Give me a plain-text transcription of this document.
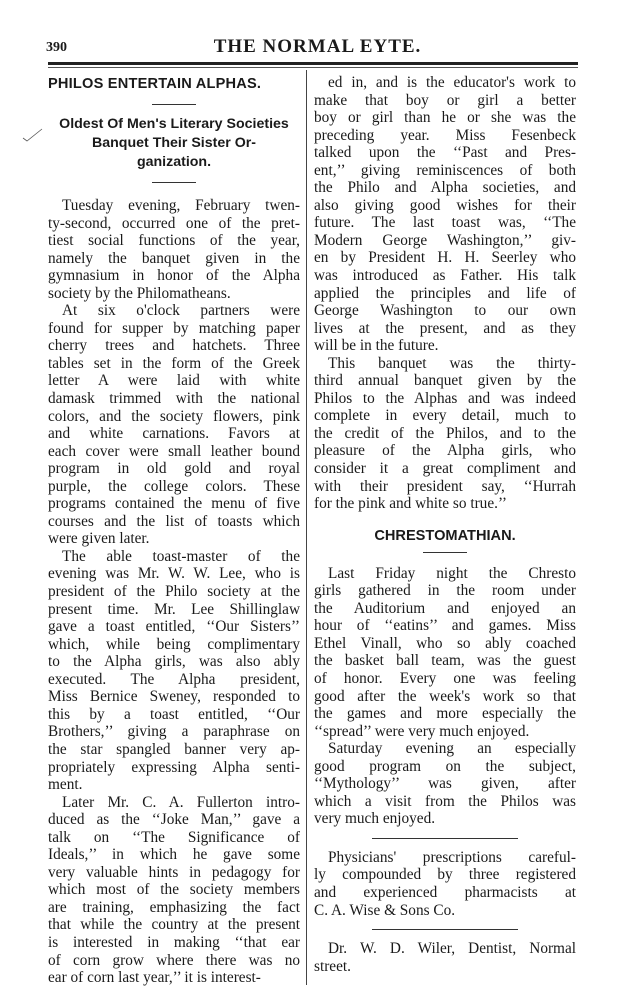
390	THE NORMAL EYTE.
PHILOS ENTERTAIN ALPHAS.
Oldest Of Men's Literary Societies
Banquet Their Sister Or-
ganization.
Tuesday evening, February twen-
ty-second, occurred one of the pret-
tiest social functions of the year,
namely the banquet given in the
gymnasium in honor of the Alpha
society by the Philomatheans.
At six o'clock partners were
found for supper by matching paper
cherry trees and hatchets. Three
tables set in the form of the Greek
letter A were laid with white
damask trimmed with the national
colors, and the society flowers, pink
and white carnations. Favors at
each cover were small leather bound
program in old gold and royal
purple, the college colors. These
programs contained the menu of five
courses and the list of toasts which
were given later.
The able toast-master of the
evening was Mr. W. W. Lee, who is
president of the Philo society at the
present time. Mr. Lee Shillinglaw
gave a toast entitled, ‘‘Our Sisters’’
which, while being complimentary
to the Alpha girls, was also ably
executed. The Alpha president,
Miss Bernice Sweney, responded to
this by a toast entitled, ‘‘Our
Brothers,’’ giving a paraphrase on
the star spangled banner very ap-
propriately expressing Alpha senti-
ment.
Later Mr. C. A. Fullerton intro-
duced as the ‘‘Joke Man,’’ gave a
talk on ‘‘The Significance of
Ideals,’’ in which he gave some
very valuable hints in pedagogy for
which most of the society members
are training, emphasizing the fact
that while the country at the present
is interested in making ‘‘that ear
of corn grow where there was no
ear of corn last year,’’ it is interest-
ed in, and is the educator's work to
make that boy or girl a better
boy or girl than he or she was the
preceding year. Miss Fesenbeck
talked upon the ‘‘Past and Pres-
ent,’’ giving reminiscences of both
the Philo and Alpha societies, and
also giving good wishes for their
future. The last toast was, ‘‘The
Modern George Washington,’’ giv-
en by President H. H. Seerley who
was introduced as Father. His talk
applied the principles and life of
George Washington to our own
lives at the present, and as they
will be in the future.
This banquet was the thirty-
third annual banquet given by the
Philos to the Alphas and was indeed
complete in every detail, much to
the credit of the Philos, and to the
pleasure of the Alpha girls, who
consider it a great compliment and
with their president say, ‘‘Hurrah
for the pink and white so true.’’
CHRESTOMATHIAN.
Last Friday night the Chresto
girls gathered in the room under
the Auditorium and enjoyed an
hour of ‘‘eatins’’ and games. Miss
Ethel Vinall, who so ably coached
the basket ball team, was the guest
of honor. Every one was feeling
good after the week's work so that
the games and more especially the
‘‘spread’’ were very much enjoyed.
Saturday evening an especially
good program on the subject,
‘‘Mythology’’ was given, after
which a visit from the Philos was
very much enjoyed.
Physicians' prescriptions careful-
ly compounded by three registered
and experienced pharmacists at
C. A. Wise & Sons Co.
Dr. W. D. Wiler, Dentist, Normal
street.
